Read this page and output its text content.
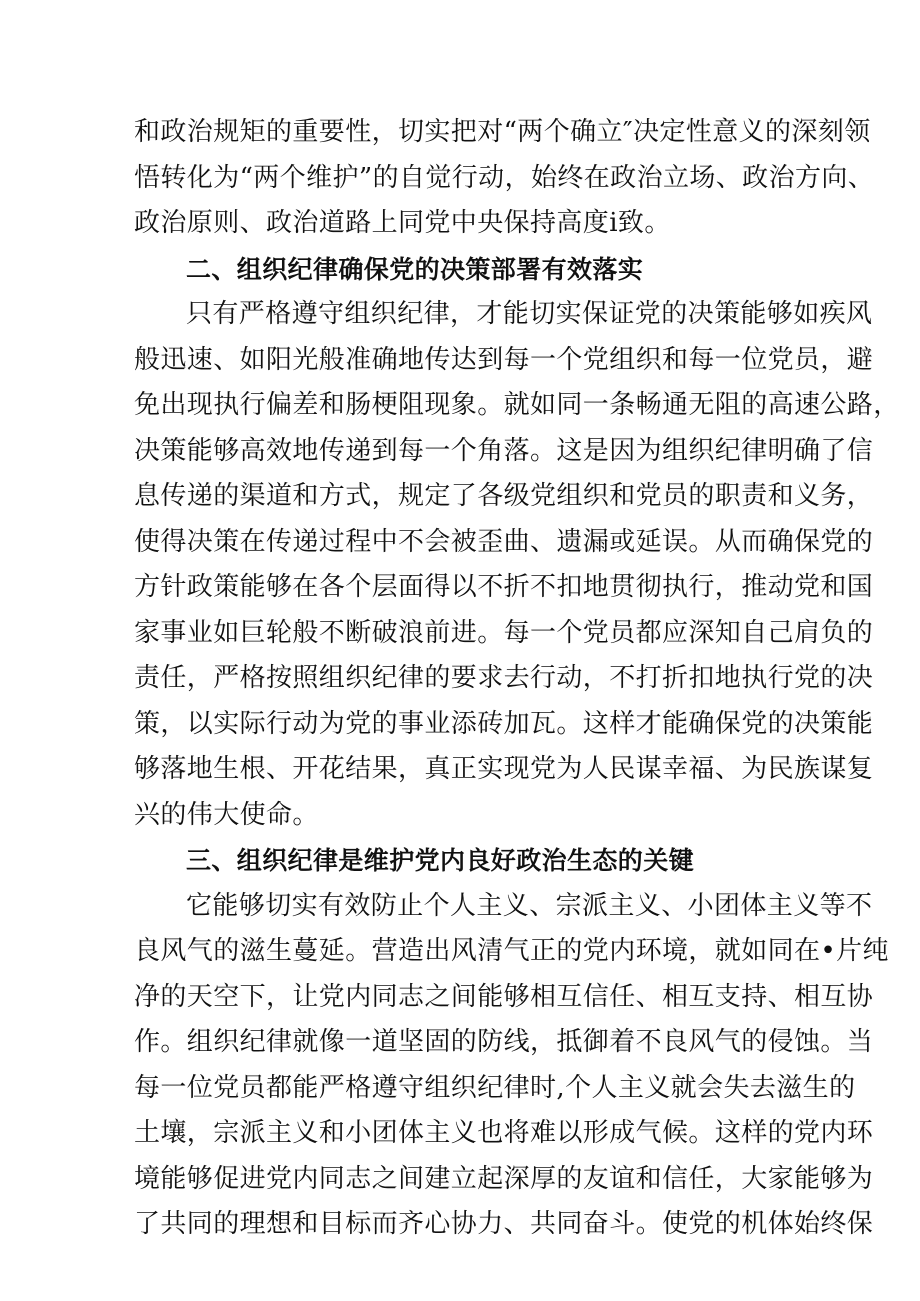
和政治规矩的重要性，切实把对“两个确立″决定性意义的深刻领
悟转化为“两个维护”的自觉行动，始终在政治立场、政治方向、
政治原则、政治道路上同党中央保持高度i致。
二、组织纪律确保党的决策部署有效落实
只有严格遵守组织纪律，才能切实保证党的决策能够如疾风
般迅速、如阳光般准确地传达到每一个党组织和每一位党员，避
免出现执行偏差和肠梗阻现象。就如同一条畅通无阻的高速公路，
决策能够高效地传递到每一个角落。这是因为组织纪律明确了信
息传递的渠道和方式，规定了各级党组织和党员的职责和义务，
使得决策在传递过程中不会被歪曲、遗漏或延误。从而确保党的
方针政策能够在各个层面得以不折不扣地贯彻执行，推动党和国
家事业如巨轮般不断破浪前进。每一个党员都应深知自己肩负的
责任，严格按照组织纪律的要求去行动，不打折扣地执行党的决
策，以实际行动为党的事业添砖加瓦。这样才能确保党的决策能
够落地生根、开花结果，真正实现党为人民谋幸福、为民族谋复
兴的伟大使命。
三、组织纪律是维护党内良好政治生态的关键
它能够切实有效防止个人主义、宗派主义、小团体主义等不
良风气的滋生蔓延。营造出风清气正的党内环境，就如同在•片纯
净的天空下，让党内同志之间能够相互信任、相互支持、相互协
作。组织纪律就像一道坚固的防线，抵御着不良风气的侵蚀。当
每一位党员都能严格遵守组织纪律时,个人主义就会失去滋生的
土壤，宗派主义和小团体主义也将难以形成气候。这样的党内环
境能够促进党内同志之间建立起深厚的友谊和信任，大家能够为
了共同的理想和目标而齐心协力、共同奋斗。使党的机体始终保
